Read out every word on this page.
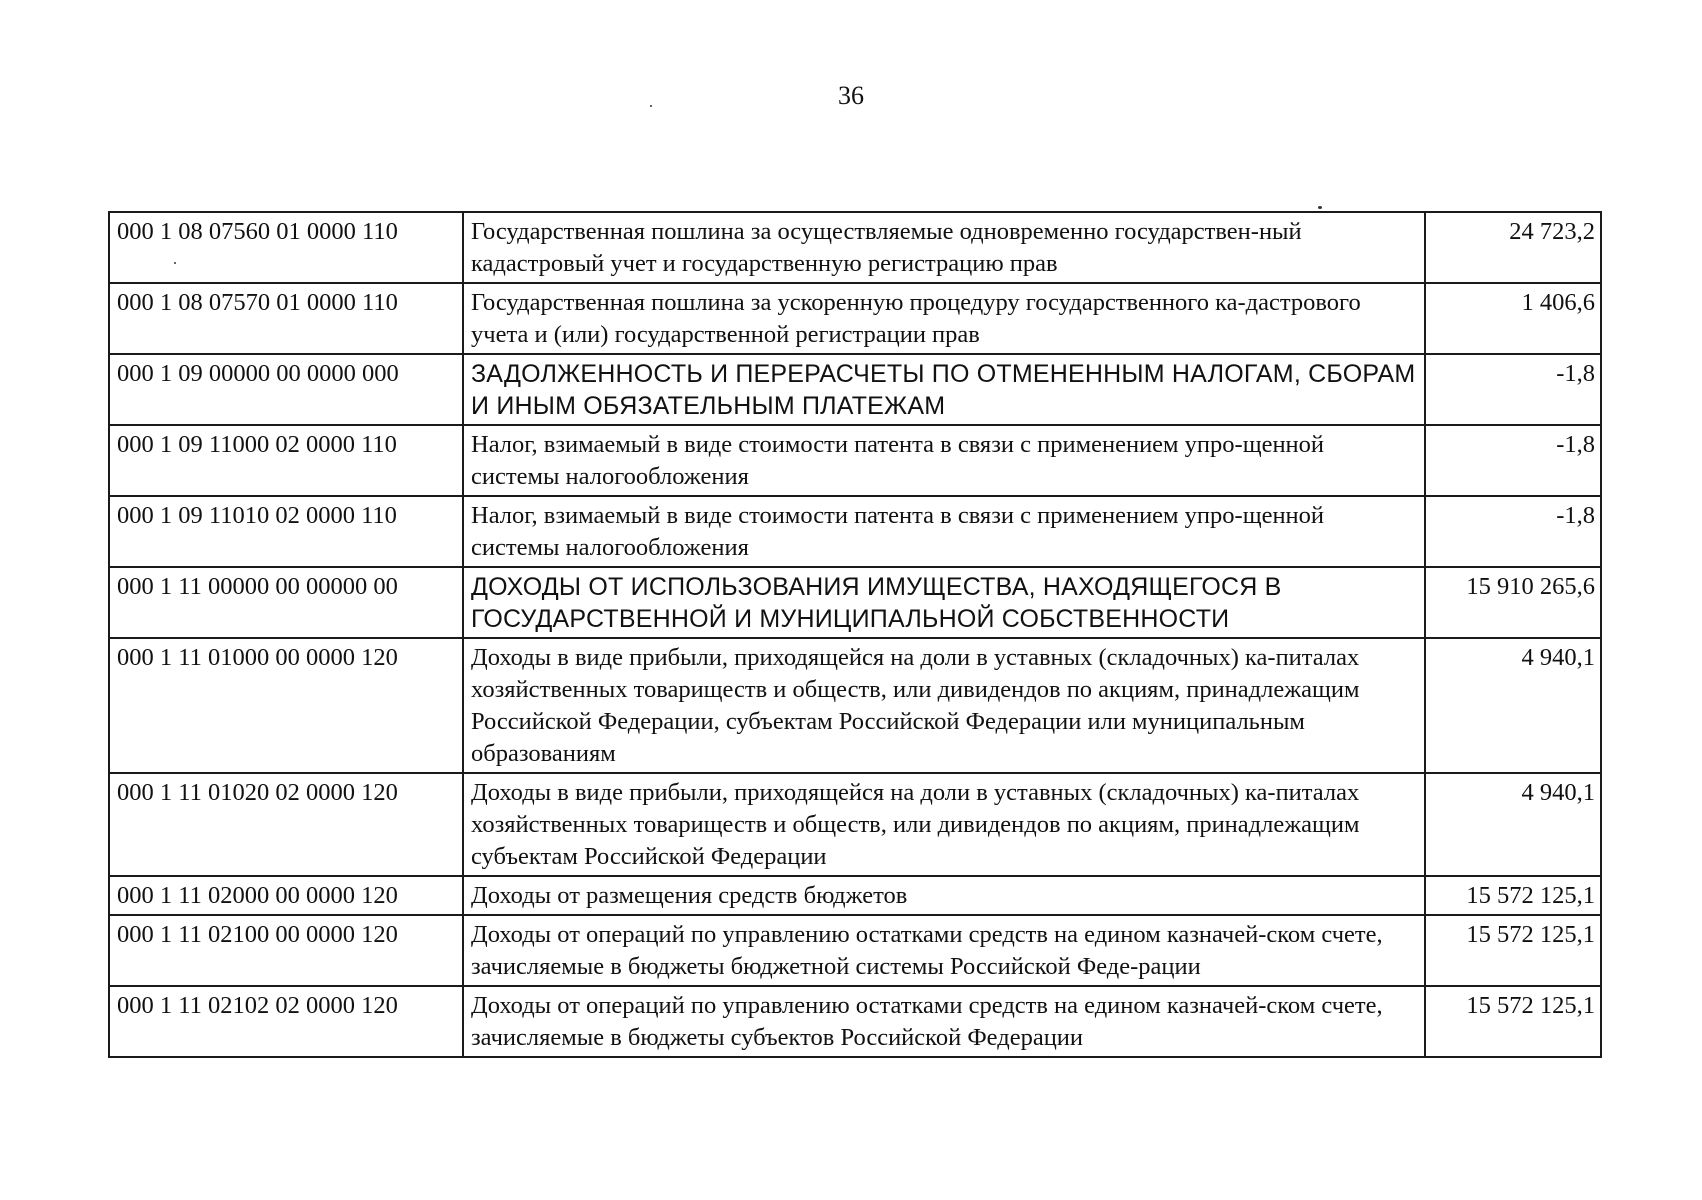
36
000 1 08 07560 01 0000 110	Государственная пошлина за осуществляемые одновременно государствен-ный кадастровый учет и государственную регистрацию прав	24 723,2
000 1 08 07570 01 0000 110	Государственная пошлина за ускоренную процедуру государственного ка-дастрового учета и (или) государственной регистрации прав	1 406,6
000 1 09 00000 00 0000 000	ЗАДОЛЖЕННОСТЬ И ПЕРЕРАСЧЕТЫ ПО ОТМЕНЕННЫМ НАЛОГАМ, СБОРАМ И ИНЫМ ОБЯЗАТЕЛЬНЫМ ПЛАТЕЖАМ	-1,8
000 1 09 11000 02 0000 110	Налог, взимаемый в виде стоимости патента в связи с применением упро-щенной системы налогообложения	-1,8
000 1 09 11010 02 0000 110	Налог, взимаемый в виде стоимости патента в связи с применением упро-щенной системы налогообложения	-1,8
000 1 11 00000 00 00000 00	ДОХОДЫ ОТ ИСПОЛЬЗОВАНИЯ ИМУЩЕСТВА, НАХОДЯЩЕГОСЯ В ГОСУДАРСТВЕННОЙ И МУНИЦИПАЛЬНОЙ СОБСТВЕННОСТИ	15 910 265,6
000 1 11 01000 00 0000 120	Доходы в виде прибыли, приходящейся на доли в уставных (складочных) ка-питалах хозяйственных товариществ и обществ, или дивидендов по акциям, принадлежащим Российской Федерации, субъектам Российской Федерации или муниципальным образованиям	4 940,1
000 1 11 01020 02 0000 120	Доходы в виде прибыли, приходящейся на доли в уставных (складочных) ка-питалах хозяйственных товариществ и обществ, или дивидендов по акциям, принадлежащим субъектам Российской Федерации	4 940,1
000 1 11 02000 00 0000 120	Доходы от размещения средств бюджетов	15 572 125,1
000 1 11 02100 00 0000 120	Доходы от операций по управлению остатками средств на едином казначей-ском счете, зачисляемые в бюджеты бюджетной системы Российской Феде-рации	15 572 125,1
000 1 11 02102 02 0000 120	Доходы от операций по управлению остатками средств на едином казначей-ском счете, зачисляемые в бюджеты субъектов Российской Федерации	15 572 125,1
